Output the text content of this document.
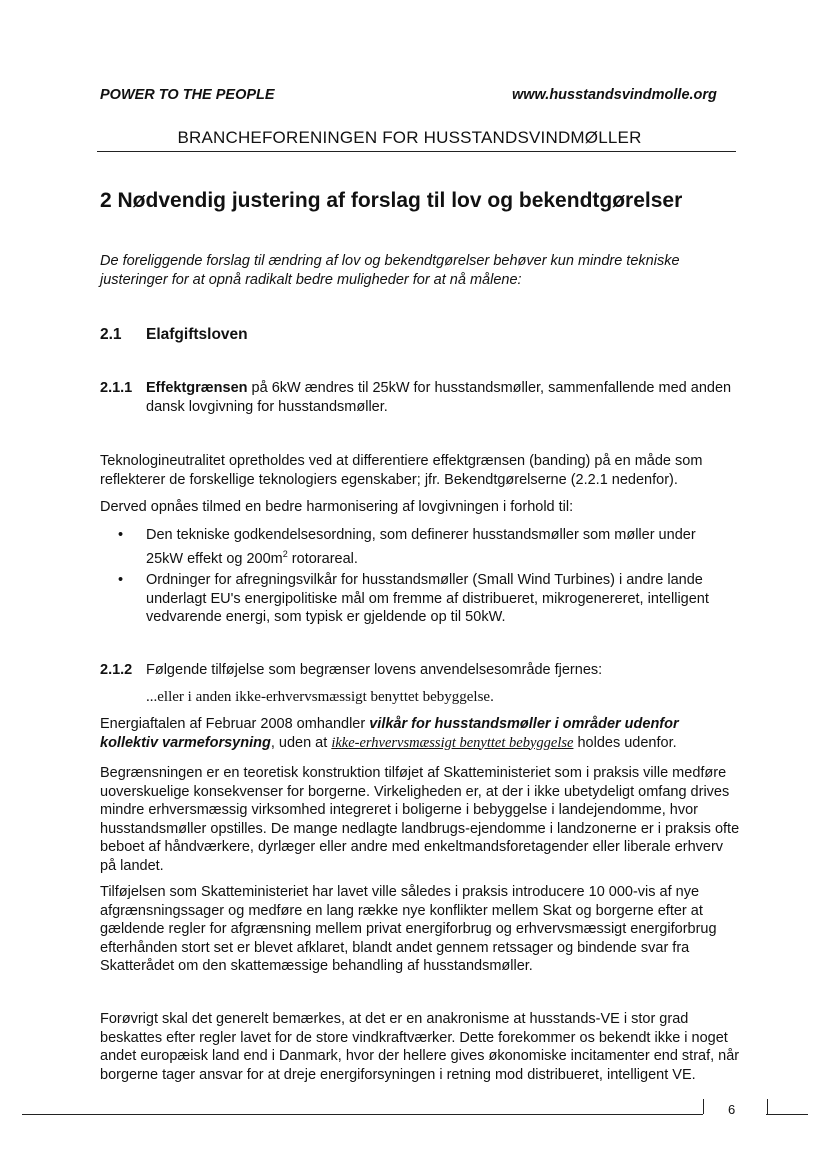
POWER TO THE PEOPLE	www.husstandsvindmolle.org
BRANCHEFORENINGEN FOR HUSSTANDSVINDMØLLER
2 Nødvendig justering af forslag til lov og bekendtgørelser
De foreliggende forslag til ændring af lov og bekendtgørelser behøver kun mindre tekniske justeringer for at opnå radikalt bedre muligheder for at nå målene:
2.1 Elafgiftsloven
2.1.1 Effektgrænsen på 6kW ændres til 25kW for husstandsmøller, sammenfallende med anden dansk lovgivning for husstandsmøller.
Teknologineutralitet opretholdes ved at differentiere effektgrænsen (banding) på en måde som reflekterer de forskellige teknologiers egenskaber; jfr. Bekendtgørelserne (2.2.1 nedenfor).
Derved opnåes tilmed en bedre harmonisering af lovgivningen i forhold til:
•	Den tekniske godkendelsesordning, som definerer husstandsmøller som møller under 25kW effekt og $200m^2$ rotorareal.
•	Ordninger for afregningsvilkår for husstandsmøller (Small Wind Turbines) i andre lande underlagt EU's energipolitiske mål om fremme af distribueret, mikrogenereret, intelligent vedvarende energi, som typisk er gjeldende op til 50kW.
2.1.2 Følgende tilføjelse som begrænser lovens anvendelsesområde fjernes:
...eller i anden ikke-erhvervsmæssigt benyttet bebyggelse.
Energiaftalen af Februar 2008 omhandler vilkår for husstandsmøller i områder udenfor kollektiv varmeforsyning, uden at ikke-erhvervsmæssigt benyttet bebyggelse holdes udenfor.
Begrænsningen er en teoretisk konstruktion tilføjet af Skatteministeriet som i praksis ville medføre uoverskuelige konsekvenser for borgerne. Virkeligheden er, at der i ikke ubetydeligt omfang drives mindre erhversmæssig virksomhed integreret i boligerne i bebyggelse i landejendomme, hvor husstandsmøller opstilles. De mange nedlagte landbrugs-ejendomme i landzonerne er i praksis ofte beboet af håndværkere, dyrlæger eller andre med enkeltmandsforetagender eller liberale erhverv på landet.
Tilføjelsen som Skatteministeriet har lavet ville således i praksis introducere 10 000-vis af nye afgrænsningssager og medføre en lang række nye konflikter mellem Skat og borgerne efter at gældende regler for afgrænsning mellem privat energiforbrug og erhvervsmæssigt energiforbrug efterhånden stort set er blevet afklaret, blandt andet gennem retssager og bindende svar fra Skatterådet om den skattemæssige behandling af husstandsmøller.
Forøvrigt skal det generelt bemærkes, at det er en anakronisme at husstands-VE i stor grad beskattes efter regler lavet for de store vindkraftværker. Dette forekommer os bekendt ikke i noget andet europæisk land end i Danmark, hvor der hellere gives økonomiske incitamenter end straf, når borgerne tager ansvar for at dreje energiforsyningen i retning mod distribueret, intelligent VE.
6
